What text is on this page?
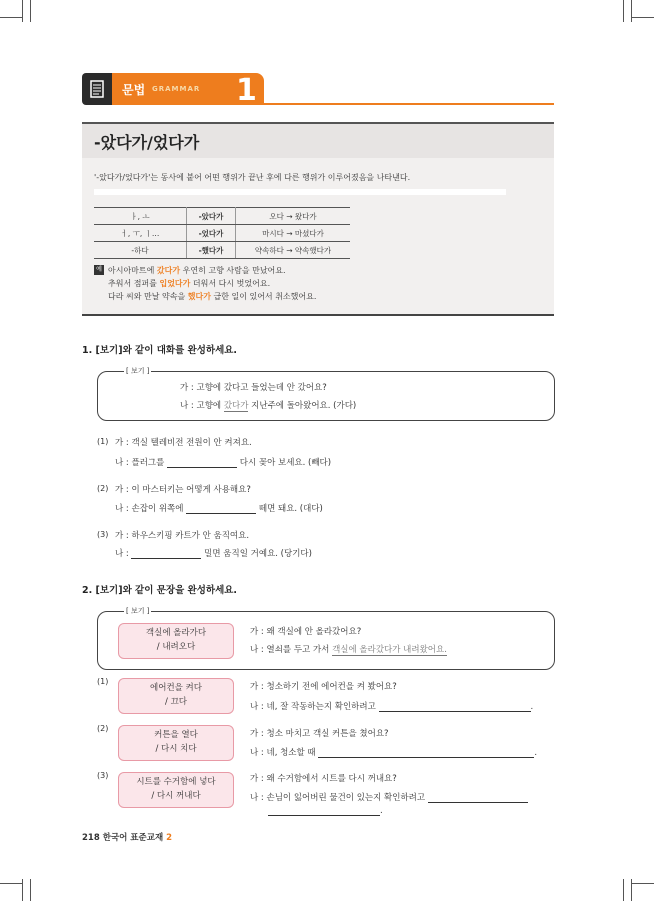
문법 GRAMMAR 1
-았다가/었다가
'-았다가/었다가'는 동사에 붙어 어떤 행위가 끝난 후에 다른 행위가 이루어졌음을 나타낸다.
ㅏ, ㅗ	-았다가	오다 → 왔다가
ㅓ, ㅜ, ㅣ…	-었다가	마시다 → 마셨다가
-하다	-했다가	약속하다 → 약속했다가
예 아시아마트에 갔다가 우연히 고향 사람을 만났어요.
추워서 점퍼를 입었다가 더워서 다시 벗었어요.
다라 씨와 만날 약속을 했다가 급한 일이 있어서 취소했어요.
1. [보기]와 같이 대화를 완성하세요.
[ 보기 ]
가 : 고향에 갔다고 들었는데 안 갔어요?
나 : 고향에 갔다가 지난주에 돌아왔어요. (가다)
(1) 가 : 객실 텔레비전 전원이 안 켜져요.
나 : 플러그를	다시 꽂아 보세요. (빼다)
(2) 가 : 이 마스터키는 어떻게 사용해요?
나 : 손잡이 위쪽에	떼면 돼요. (대다)
(3) 가 : 하우스키핑 카트가 안 움직여요.
나 :	밀면 움직일 거예요. (당기다)
2. [보기]와 같이 문장을 완성하세요.
[ 보기 ]
객실에 올라가다
/ 내려오다
가 : 왜 객실에 안 올라갔어요?
나 : 열쇠를 두고 가서 객실에 올라갔다가 내려왔어요.
(1)
에어컨을 켜다
/ 끄다
가 : 청소하기 전에 에어컨을 켜 봤어요?
나 : 네, 잘 작동하는지 확인하려고	.
(2)
커튼을 열다
/ 다시 치다
가 : 청소 마치고 객실 커튼을 쳤어요?
나 : 네, 청소할 때	.
(3)
시트를 수거함에 넣다
/ 다시 꺼내다
가 : 왜 수거함에서 시트를 다시 꺼내요?
나 : 손님이 잃어버린 물건이 있는지 확인하려고
.
218 한국어 표준교재 2
